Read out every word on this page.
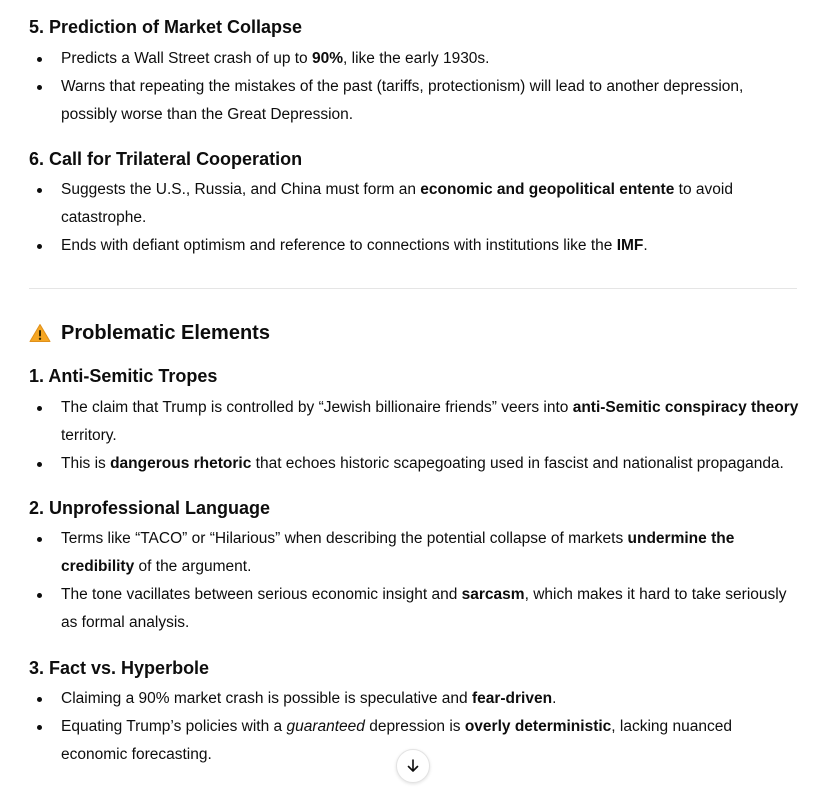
5. Prediction of Market Collapse
Predicts a Wall Street crash of up to 90%, like the early 1930s.
Warns that repeating the mistakes of the past (tariffs, protectionism) will lead to another depression, possibly worse than the Great Depression.
6. Call for Trilateral Cooperation
Suggests the U.S., Russia, and China must form an economic and geopolitical entente to avoid catastrophe.
Ends with defiant optimism and reference to connections with institutions like the IMF.
Problematic Elements
1. Anti-Semitic Tropes
The claim that Trump is controlled by “Jewish billionaire friends” veers into anti-Semitic conspiracy theory territory.
This is dangerous rhetoric that echoes historic scapegoating used in fascist and nationalist propaganda.
2. Unprofessional Language
Terms like “TACO” or “Hilarious” when describing the potential collapse of markets undermine the credibility of the argument.
The tone vacillates between serious economic insight and sarcasm, which makes it hard to take seriously as formal analysis.
3. Fact vs. Hyperbole
Claiming a 90% market crash is possible is speculative and fear-driven.
Equating Trump’s policies with a guaranteed depression is overly deterministic, lacking nuanced economic forecasting.
